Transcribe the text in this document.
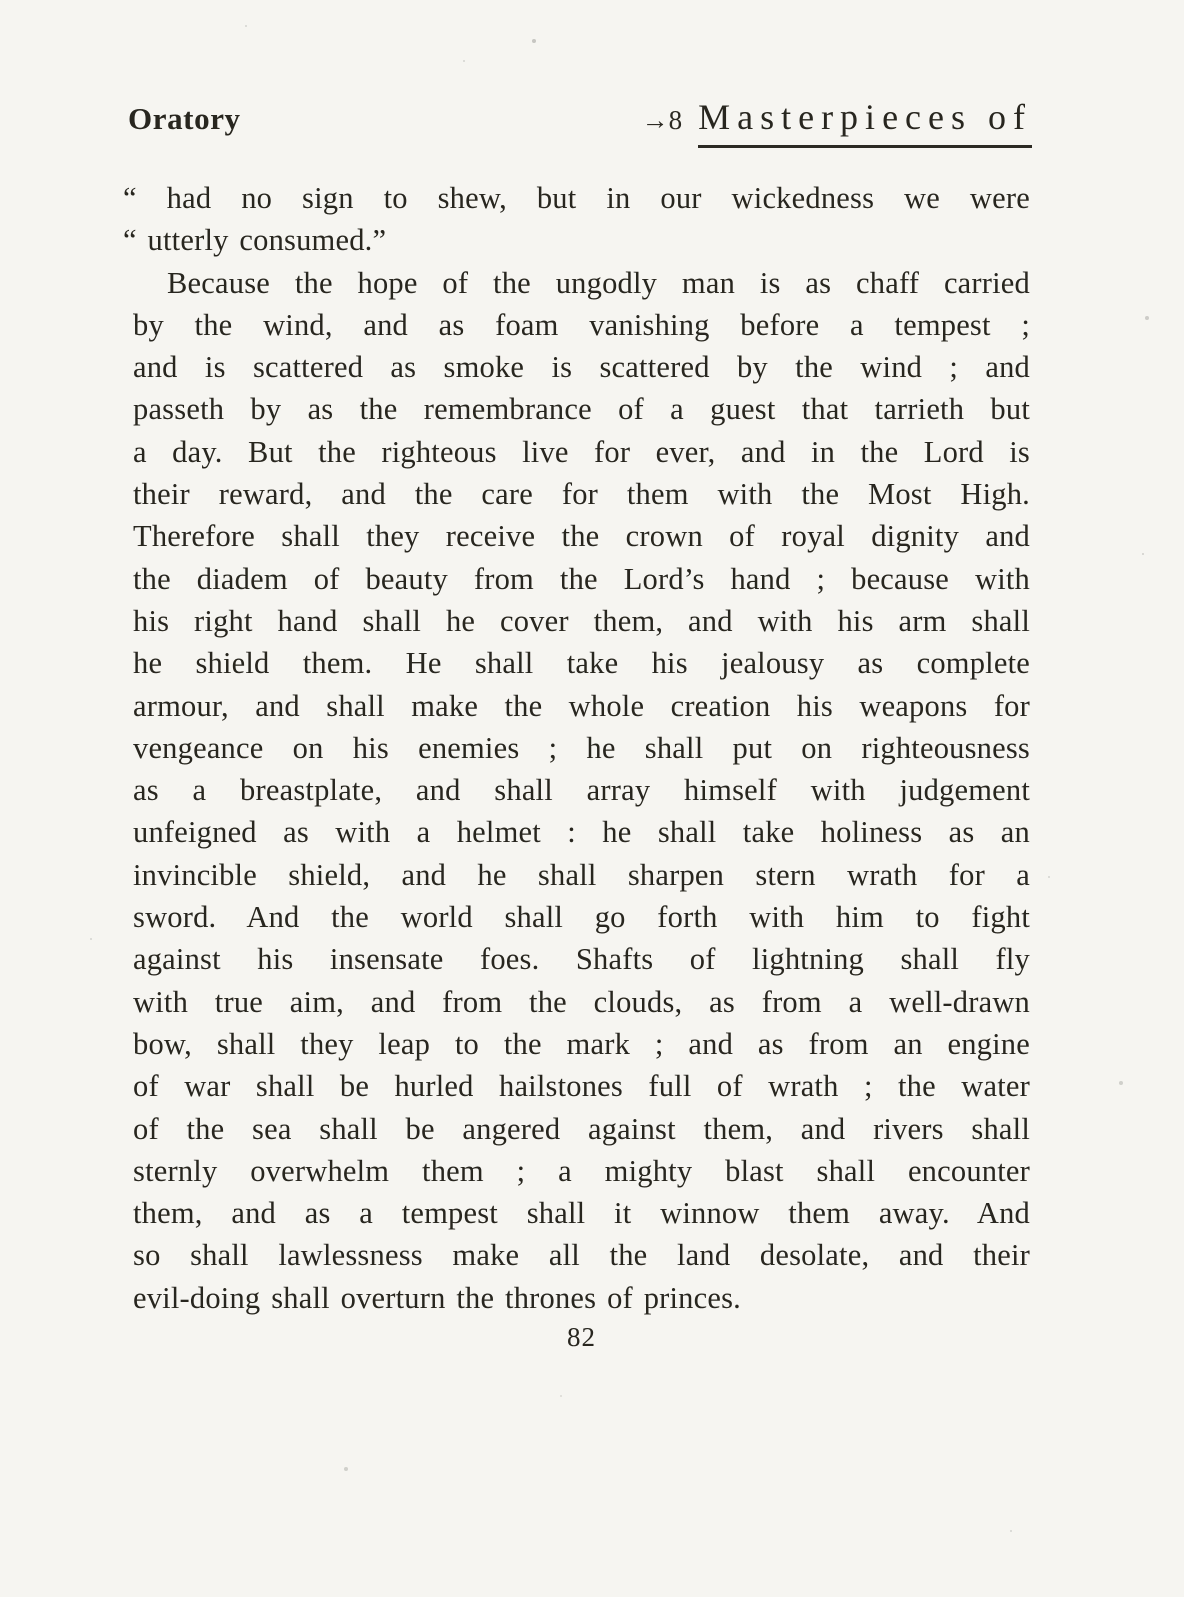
Oratory	→8 Masterpieces of
“ had no sign to shew, but in our wickedness we were
“ utterly consumed.”
Because the hope of the ungodly man is as chaff carried
by the wind, and as foam vanishing before a tempest ;
and is scattered as smoke is scattered by the wind ; and
passeth by as the remembrance of a guest that tarrieth but
a day. But the righteous live for ever, and in the Lord is
their reward, and the care for them with the Most High.
Therefore shall they receive the crown of royal dignity and
the diadem of beauty from the Lord’s hand ; because with
his right hand shall he cover them, and with his arm shall
he shield them. He shall take his jealousy as complete
armour, and shall make the whole creation his weapons for
vengeance on his enemies ; he shall put on righteousness
as a breastplate, and shall array himself with judgement
unfeigned as with a helmet : he shall take holiness as an
invincible shield, and he shall sharpen stern wrath for a
sword. And the world shall go forth with him to fight
against his insensate foes. Shafts of lightning shall fly
with true aim, and from the clouds, as from a well-drawn
bow, shall they leap to the mark ; and as from an engine
of war shall be hurled hailstones full of wrath ; the water
of the sea shall be angered against them, and rivers shall
sternly overwhelm them ; a mighty blast shall encounter
them, and as a tempest shall it winnow them away. And
so shall lawlessness make all the land desolate, and their
evil-doing shall overturn the thrones of princes.
82
